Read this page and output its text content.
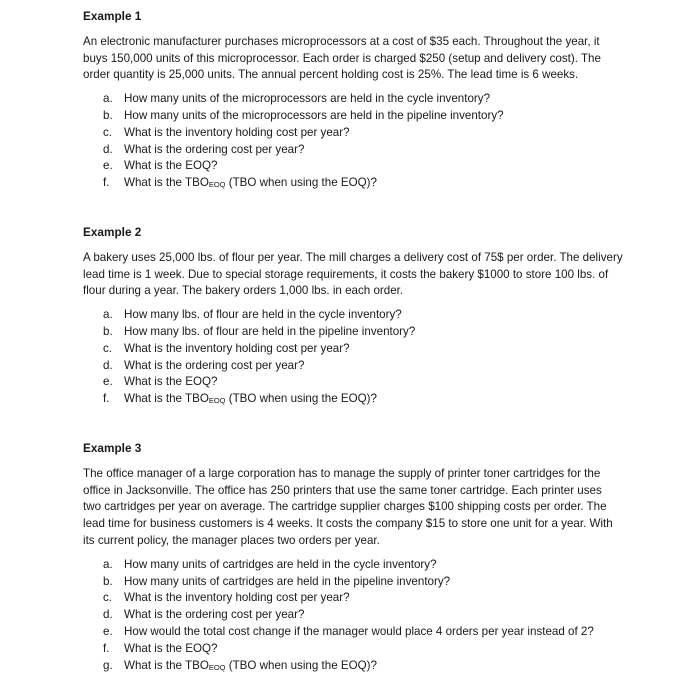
Example 1

An electronic manufacturer purchases microprocessors at a cost of $35 each. Throughout the year, it buys 150,000 units of this microprocessor. Each order is charged $250 (setup and delivery cost). The order quantity is 25,000 units. The annual percent holding cost is 25%. The lead time is 6 weeks.

a. How many units of the microprocessors are held in the cycle inventory?
b. How many units of the microprocessors are held in the pipeline inventory?
c.	What is the inventory holding cost per year?
d. What is the ordering cost per year?
e. What is the EOQ?
f.	What is the TBOEOQ (TBO when using the EOQ)?

Example 2

A bakery uses 25,000 lbs. of flour per year. The mill charges a delivery cost of 75$ per order. The delivery lead time is 1 week. Due to special storage requirements, it costs the bakery $1000 to store 100 lbs. of flour during a year. The bakery orders 1,000 lbs. in each order.

a. How many lbs. of flour are held in the cycle inventory?
b. How many lbs. of flour are held in the pipeline inventory?
c.	What is the inventory holding cost per year?
d. What is the ordering cost per year?
e. What is the EOQ?
f.	What is the TBOEOQ (TBO when using the EOQ)?

Example 3

The office manager of a large corporation has to manage the supply of printer toner cartridges for the office in Jacksonville. The office has 250 printers that use the same toner cartridge. Each printer uses two cartridges per year on average. The cartridge supplier charges $100 shipping costs per order. The lead time for business customers is 4 weeks. It costs the company $15 to store one unit for a year. With its current policy, the manager places two orders per year.

a. How many units of cartridges are held in the cycle inventory?
b. How many units of cartridges are held in the pipeline inventory?
c.	What is the inventory holding cost per year?
d. What is the ordering cost per year?
e. How would the total cost change if the manager would place 4 orders per year instead of 2?
f.	What is the EOQ?
g. What is the TBOEOQ (TBO when using the EOQ)?
